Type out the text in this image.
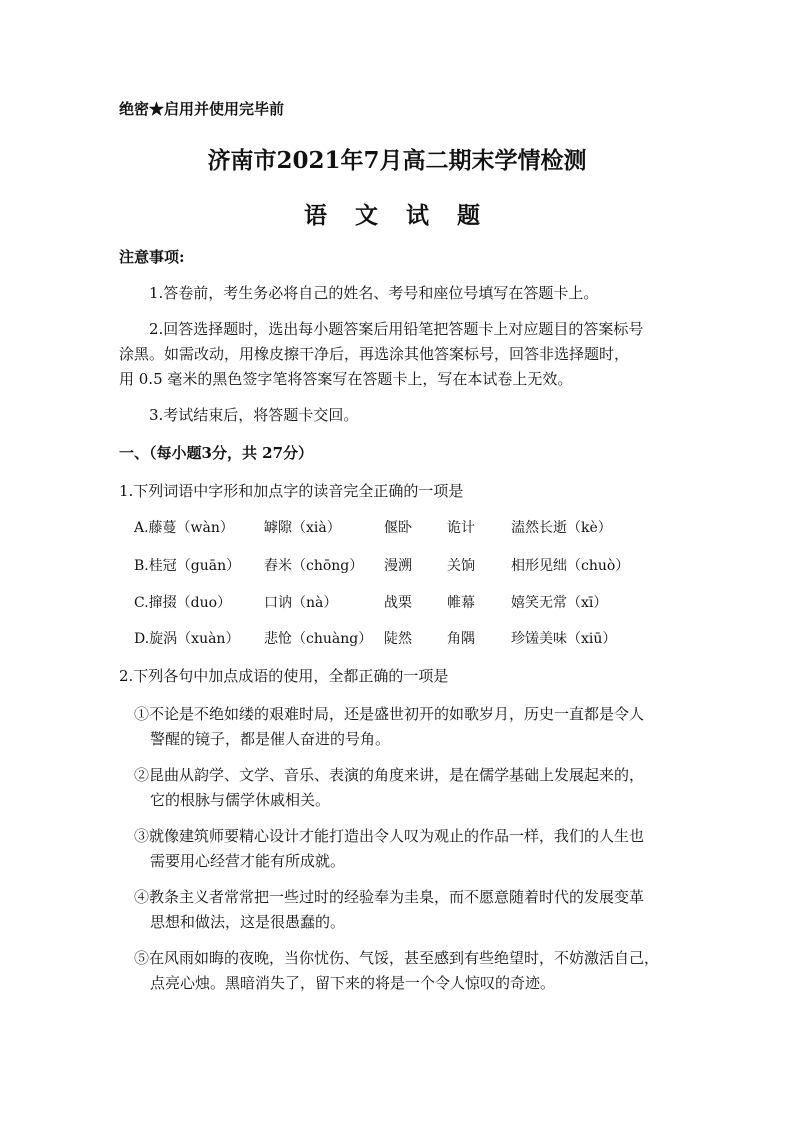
绝密★启用并使用完毕前
济南市2021年7月高二期末学情检测
语 文 试 题
注意事项:
1.答卷前，考生务必将自己的姓名、考号和座位号填写在答题卡上。
2.回答选择题时，选出每小题答案后用铅笔把答题卡上对应题目的答案标号
涂黑。如需改动，用橡皮擦干净后，再选涂其他答案标号，回答非选择题时，
用 0.5 毫米的黑色签字笔将答案写在答题卡上，写在本试卷上无效。
3.考试结束后，将答题卡交回。
一、（每小题3分，共 27分）
1.下列词语中字形和加点字的读音完全正确的一项是
A.藤蔓（wàn） 罅隙（xià）	偃卧	诡计	溘然长逝（kè）
B.桂冠（guān） 舂米（chōng） 漫溯	关饷	相形见绌（chuò）
C.撺掇（duo） 口讷（nà）	战栗	帷幕	嬉笑无常（xī）
D.旋涡（xuàn） 悲怆（chuàng） 陡然	角隅	珍馐美味（xiū）
2.下列各句中加点成语的使用，全都正确的一项是
①不论是不绝如缕的艰难时局，还是盛世初开的如歌岁月，历史一直都是令人
警醒的镜子，都是催人奋进的号角。
②昆曲从韵学、文学、音乐、表演的角度来讲，是在儒学基础上发展起来的，
它的根脉与儒学休戚相关。
③就像建筑师要精心设计才能打造出令人叹为观止的作品一样，我们的人生也
需要用心经营才能有所成就。
④教条主义者常常把一些过时的经验奉为圭臬，而不愿意随着时代的发展变革
思想和做法，这是很愚蠢的。
⑤在风雨如晦的夜晚，当你忧伤、气馁，甚至感到有些绝望时，不妨激活自己，
点亮心烛。黑暗消失了，留下来的将是一个令人惊叹的奇迹。
